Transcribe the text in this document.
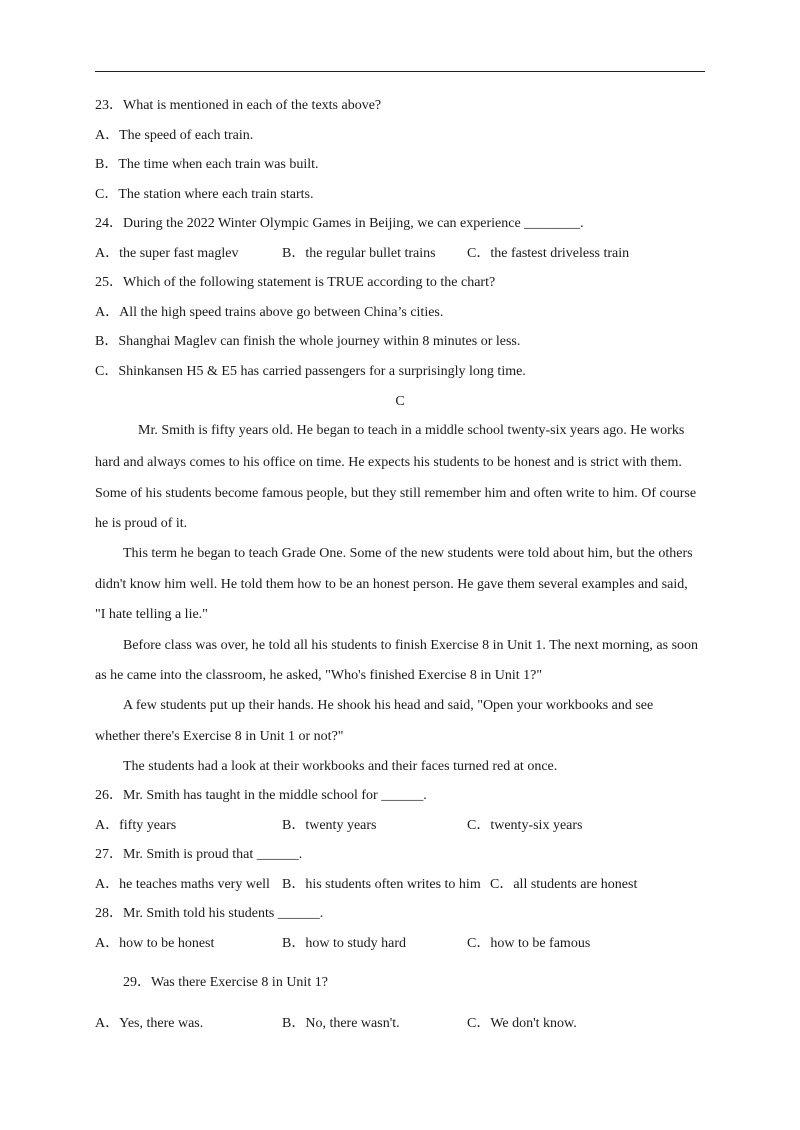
23．What is mentioned in each of the texts above?
A．The speed of each train.
B．The time when each train was built.
C．The station where each train starts.
24．During the 2022 Winter Olympic Games in Beijing, we can experience ________.
A．the super fast maglev	B．the regular bullet trains C．the fastest driveless train
25．Which of the following statement is TRUE according to the chart?
A．All the high speed trains above go between China’s cities.
B．Shanghai Maglev can finish the whole journey within 8 minutes or less.
C．Shinkansen H5 & E5 has carried passengers for a surprisingly long time.
C
Mr. Smith is fifty years old. He began to teach in a middle school twenty-six years ago. He works
hard and always comes to his office on time. He expects his students to be honest and is strict with them.
Some of his students become famous people, but they still remember him and often write to him. Of course
he is proud of it.
This term he began to teach Grade One. Some of the new students were told about him, but the others
didn't know him well. He told them how to be an honest person. He gave them several examples and said,
"I hate telling a lie."
Before class was over, he told all his students to finish Exercise 8 in Unit 1. The next morning, as soon
as he came into the classroom, he asked, "Who's finished Exercise 8 in Unit 1?"
A few students put up their hands. He shook his head and said, "Open your workbooks and see
whether there's Exercise 8 in Unit 1 or not?"
The students had a look at their workbooks and their faces turned red at once.
26．Mr. Smith has taught in the middle school for ______.
A．fifty years	B．twenty years	C．twenty-six years
27．Mr. Smith is proud that ______.
A．he teaches maths very well B．his students often writes to him C．all students are honest
28．Mr. Smith told his students ______.
A．how to be honest	B．how to study hard	C．how to be famous
29．Was there Exercise 8 in Unit 1?
A．Yes, there was.	B．No, there wasn't.	C．We don't know.
